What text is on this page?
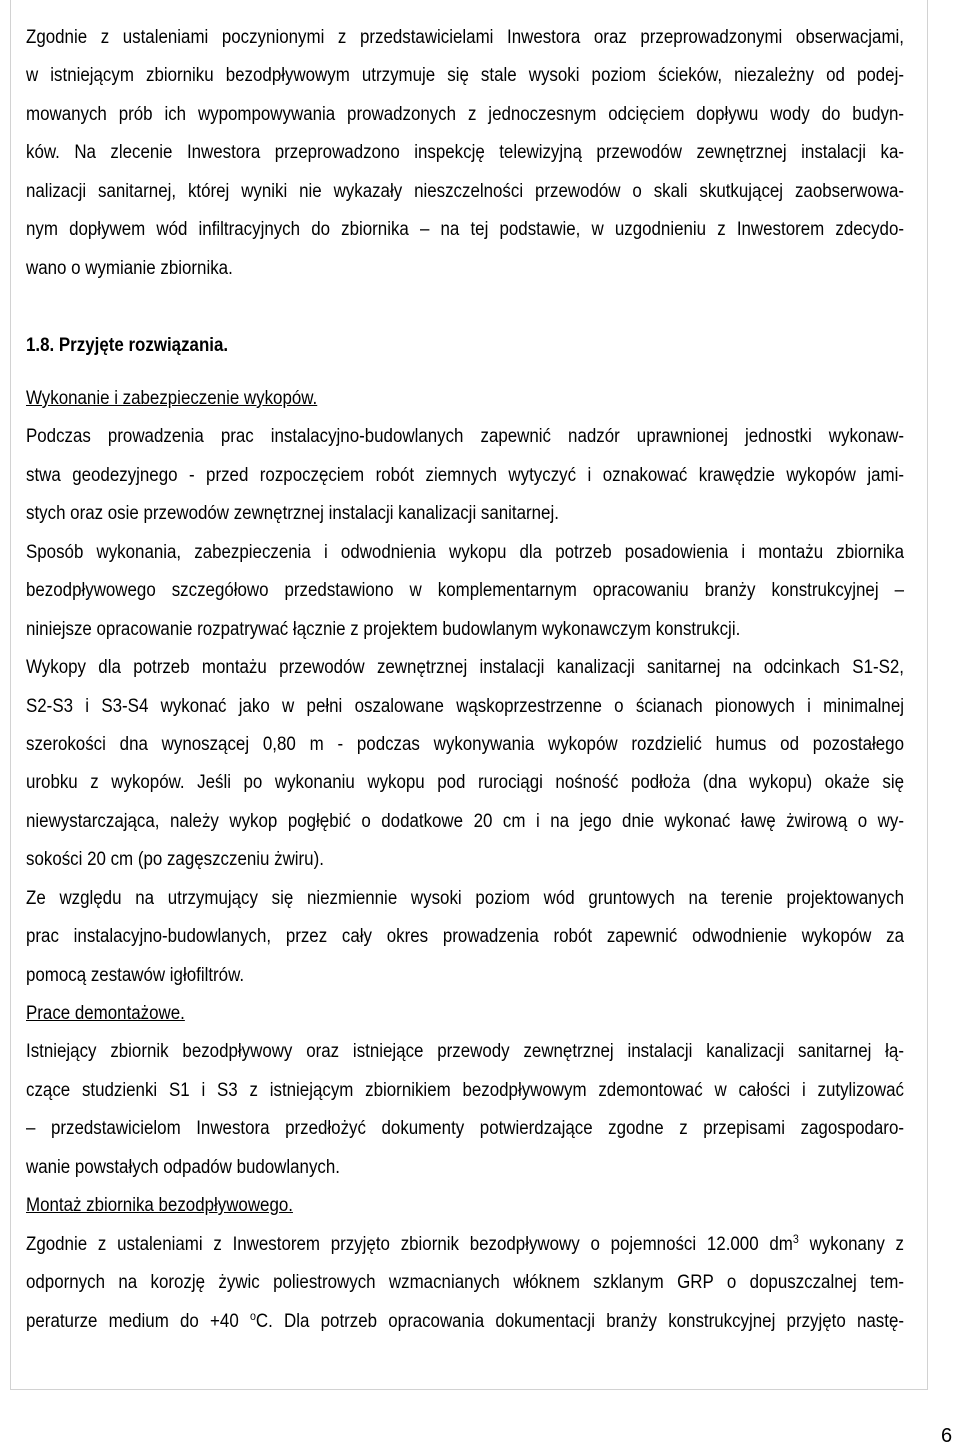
Zgodnie z ustaleniami poczynionymi z przedstawicielami Inwestora oraz przeprowadzonymi obserwacjami,
w istniejącym zbiorniku bezodpływowym utrzymuje się stale wysoki poziom ścieków, niezależny od podej-
mowanych prób ich wypompowywania prowadzonych z jednoczesnym odcięciem dopływu wody do budyn-
ków. Na zlecenie Inwestora przeprowadzono inspekcję telewizyjną przewodów zewnętrznej instalacji ka-
nalizacji sanitarnej, której wyniki nie wykazały nieszczelności przewodów o skali skutkującej zaobserwowa-
nym dopływem wód infiltracyjnych do zbiornika – na tej podstawie, w uzgodnieniu z Inwestorem zdecydo-
wano o wymianie zbiornika.
1.8. Przyjęte rozwiązania.
Wykonanie i zabezpieczenie wykopów.
Podczas prowadzenia prac instalacyjno-budowlanych zapewnić nadzór uprawnionej jednostki wykonaw-
stwa geodezyjnego - przed rozpoczęciem robót ziemnych wytyczyć i oznakować krawędzie wykopów jami-
stych oraz osie przewodów zewnętrznej instalacji kanalizacji sanitarnej.
Sposób wykonania, zabezpieczenia i odwodnienia wykopu dla potrzeb posadowienia i montażu zbiornika
bezodpływowego szczegółowo przedstawiono w komplementarnym opracowaniu branży konstrukcyjnej –
niniejsze opracowanie rozpatrywać łącznie z projektem budowlanym wykonawczym konstrukcji.
Wykopy dla potrzeb montażu przewodów zewnętrznej instalacji kanalizacji sanitarnej na odcinkach S1-S2,
S2-S3 i S3-S4 wykonać jako w pełni oszalowane wąskoprzestrzenne o ścianach pionowych i minimalnej
szerokości dna wynoszącej 0,80 m - podczas wykonywania wykopów rozdzielić humus od pozostałego
urobku z wykopów. Jeśli po wykonaniu wykopu pod rurociągi nośność podłoża (dna wykopu) okaże się
niewystarczająca, należy wykop pogłębić o dodatkowe 20 cm i na jego dnie wykonać ławę żwirową o wy-
sokości 20 cm (po zagęszczeniu żwiru).
Ze względu na utrzymujący się niezmiennie wysoki poziom wód gruntowych na terenie projektowanych
prac instalacyjno-budowlanych, przez cały okres prowadzenia robót zapewnić odwodnienie wykopów za
pomocą zestawów igłofiltrów.
Prace demontażowe.
Istniejący zbiornik bezodpływowy oraz istniejące przewody zewnętrznej instalacji kanalizacji sanitarnej łą-
czące studzienki S1 i S3 z istniejącym zbiornikiem bezodpływowym zdemontować w całości i zutylizować
– przedstawicielom Inwestora przedłożyć dokumenty potwierdzające zgodne z przepisami zagospodaro-
wanie powstałych odpadów budowlanych.
Montaż zbiornika bezodpływowego.
Zgodnie z ustaleniami z Inwestorem przyjęto zbiornik bezodpływowy o pojemności 12.000 $dm^3$ wykonany z
odpornych na korozję żywic poliestrowych wzmacnianych włóknem szklanym GRP o dopuszczalnej tem-
peraturze medium do +40 $^o$C. Dla potrzeb opracowania dokumentacji branży konstrukcyjnej przyjęto nastę-
6
